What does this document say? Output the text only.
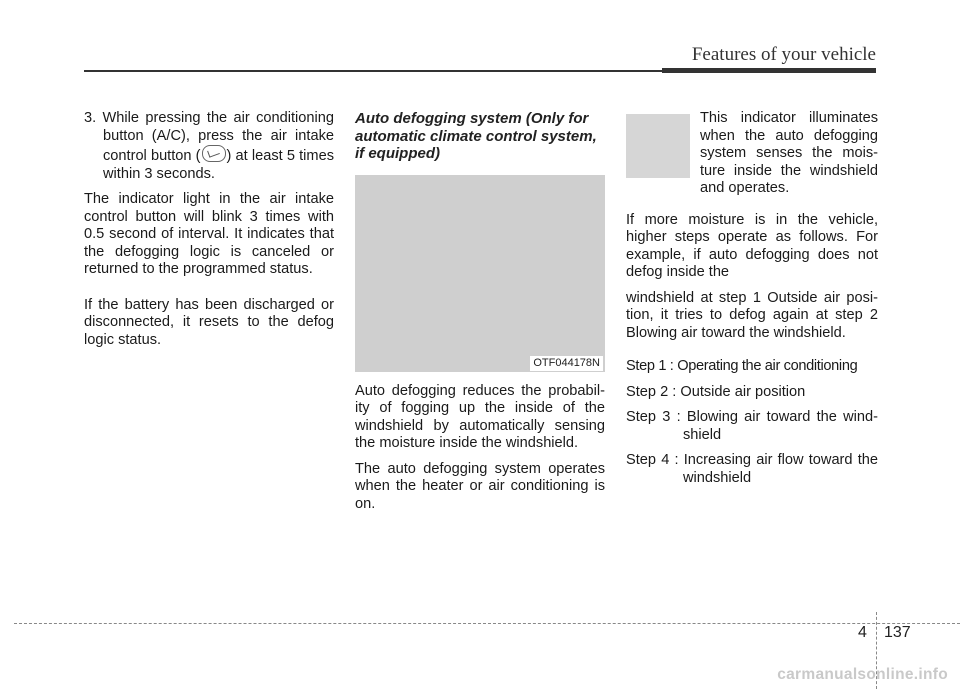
Features of your vehicle

3. While pressing the air conditioning button (A/C), press the air intake control button ( ) at least 5 times within 3 seconds.

The indicator light in the air intake control button will blink 3 times with 0.5 second of interval. It indicates that the defogging logic is canceled or returned to the programmed status.

If the battery has been discharged or disconnected, it resets to the defog logic status.

Auto defogging system (Only for automatic climate control system, if equipped)
OTF044178N

Auto defogging reduces the probabil-ity of fogging up the inside of the windshield by automatically sensing the moisture inside the windshield.

The auto defogging system operates when the heater or air conditioning is on.

This indicator illuminates when the auto defogging system senses the mois-ture inside the windshield and operates.

If more moisture is in the vehicle, higher steps operate as follows. For example, if auto defogging does not defog inside the

windshield at step 1 Outside air posi-tion, it tries to defog again at step 2 Blowing air toward the windshield.

Step 1 : Operating the air conditioning

Step 2 : Outside air position

Step 3 : Blowing air toward the wind-shield

Step 4 : Increasing air flow toward the windshield

4 137
carmanualsonline.info
